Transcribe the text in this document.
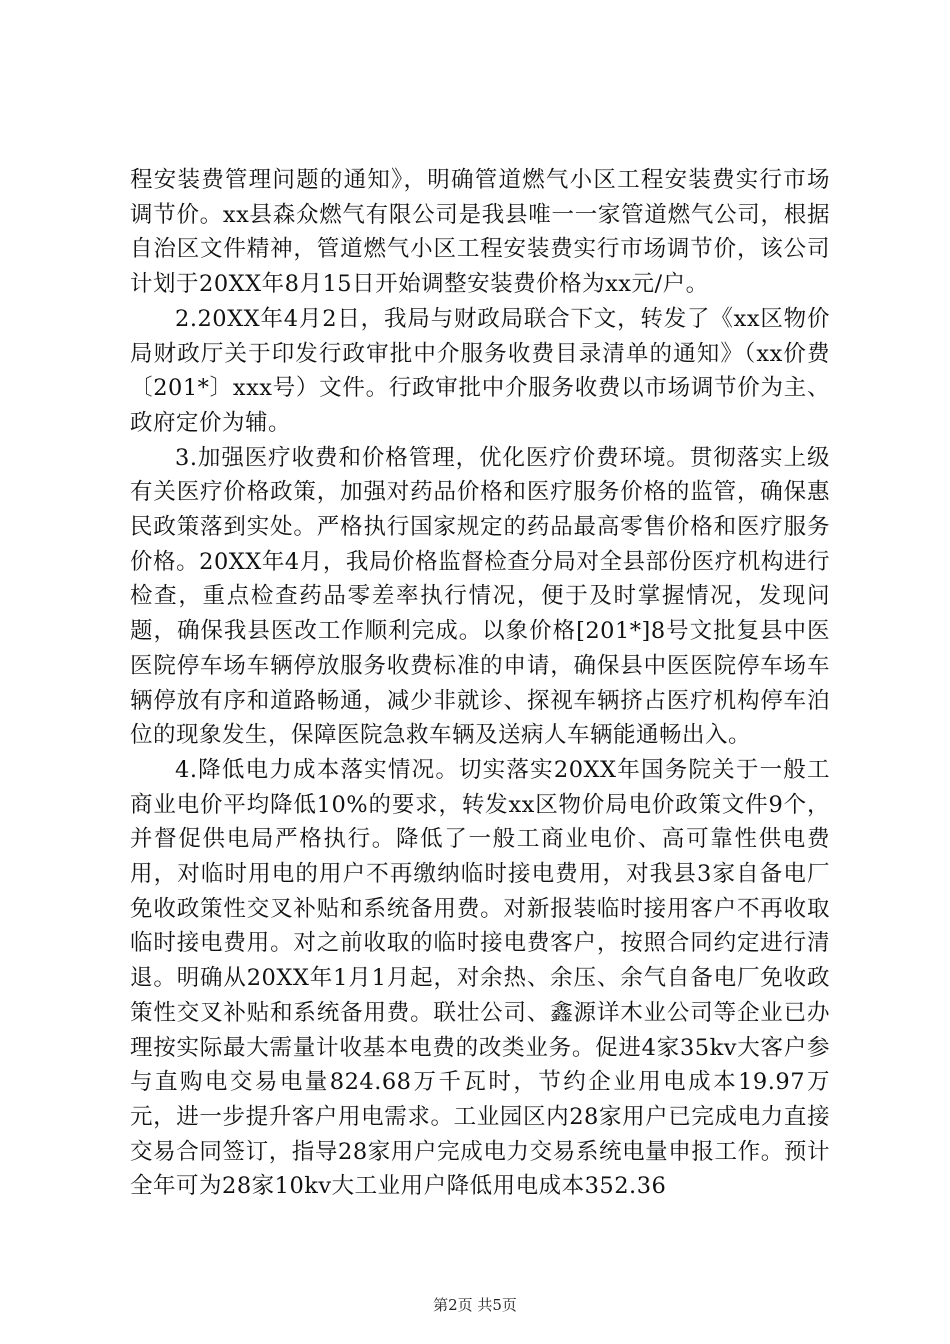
程安装费管理问题的通知》，明确管道燃气小区工程安装费实行市场调节价。xx县森众燃气有限公司是我县唯一一家管道燃气公司，根据自治区文件精神，管道燃气小区工程安装费实行市场调节价，该公司计划于20XX年8月15日开始调整安装费价格为xx元/户。

2.20XX年4月2日，我局与财政局联合下文，转发了《xx区物价局财政厅关于印发行政审批中介服务收费目录清单的通知》（xx价费〔201*〕xxx号）文件。行政审批中介服务收费以市场调节价为主、政府定价为辅。

3.加强医疗收费和价格管理，优化医疗价费环境。贯彻落实上级有关医疗价格政策，加强对药品价格和医疗服务价格的监管，确保惠民政策落到实处。严格执行国家规定的药品最高零售价格和医疗服务价格。20XX年4月，我局价格监督检查分局对全县部份医疗机构进行检查，重点检查药品零差率执行情况，便于及时掌握情况，发现问题，确保我县医改工作顺利完成。以象价格[201*]8号文批复县中医医院停车场车辆停放服务收费标准的申请，确保县中医医院停车场车辆停放有序和道路畅通，减少非就诊、探视车辆挤占医疗机构停车泊位的现象发生，保障医院急救车辆及送病人车辆能通畅出入。

4.降低电力成本落实情况。切实落实20XX年国务院关于一般工商业电价平均降低10%的要求，转发xx区物价局电价政策文件9个，并督促供电局严格执行。降低了一般工商业电价、高可靠性供电费用，对临时用电的用户不再缴纳临时接电费用，对我县3家自备电厂免收政策性交叉补贴和系统备用费。对新报装临时接用客户不再收取临时接电费用。对之前收取的临时接电费客户，按照合同约定进行清退。明确从20XX年1月1月起，对余热、余压、余气自备电厂免收政策性交叉补贴和系统备用费。联壮公司、鑫源详木业公司等企业已办理按实际最大需量计收基本电费的改类业务。促进4家35kv大客户参与直购电交易电量824.68万千瓦时，节约企业用电成本19.97万元，进一步提升客户用电需求。工业园区内28家用户已完成电力直接交易合同签订，指导28家用户完成电力交易系统电量申报工作。预计全年可为28家10kv大工业用户降低用电成本352.36

第2页 共5页
